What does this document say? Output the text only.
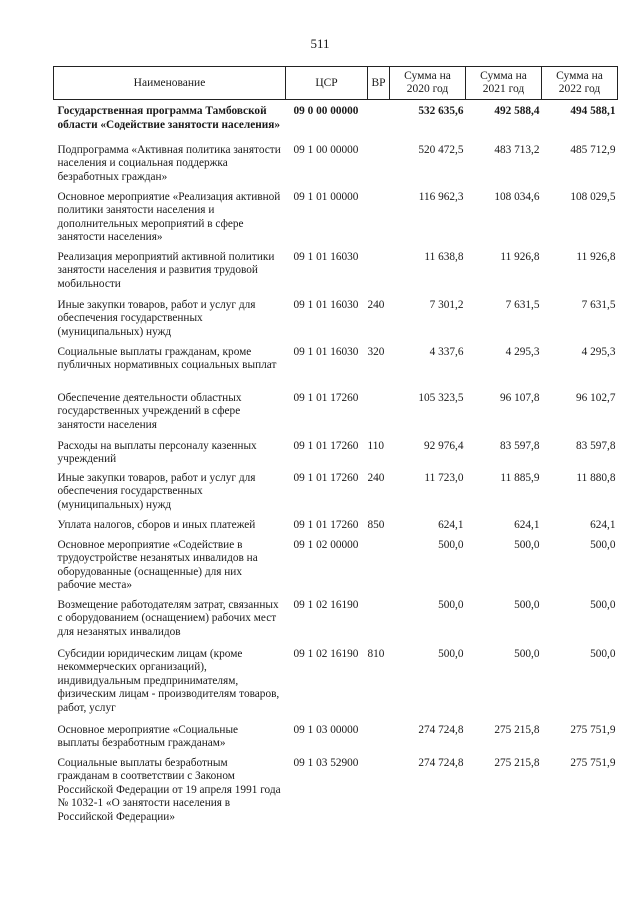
511
Наименование	ЦСР	ВР	Сумма на 2020 год	Сумма на 2021 год	Сумма на 2022 год
Государственная программа Тамбовской области «Содействие занятости населения»	09 0 00 00000		532 635,6	492 588,4	494 588,1
Подпрограмма «Активная политика занятости населения и социальная поддержка безработных граждан»	09 1 00 00000		520 472,5	483 713,2	485 712,9
Основное мероприятие «Реализация активной политики занятости населения и дополнительных мероприятий в сфере занятости населения»	09 1 01 00000		116 962,3	108 034,6	108 029,5
Реализация мероприятий активной политики занятости населения и развития трудовой мобильности	09 1 01 16030		11 638,8	11 926,8	11 926,8
Иные закупки товаров, работ и услуг для обеспечения государственных (муниципальных) нужд	09 1 01 16030	240	7 301,2	7 631,5	7 631,5
Социальные выплаты гражданам, кроме публичных нормативных социальных выплат	09 1 01 16030	320	4 337,6	4 295,3	4 295,3
Обеспечение деятельности областных государственных учреждений в сфере занятости населения	09 1 01 17260		105 323,5	96 107,8	96 102,7
Расходы на выплаты персоналу казенных учреждений	09 1 01 17260	110	92 976,4	83 597,8	83 597,8
Иные закупки товаров, работ и услуг для обеспечения государственных (муниципальных) нужд	09 1 01 17260	240	11 723,0	11 885,9	11 880,8
Уплата налогов, сборов и иных платежей	09 1 01 17260	850	624,1	624,1	624,1
Основное мероприятие «Содействие в трудоустройстве незанятых инвалидов на оборудованные (оснащенные) для них рабочие места»	09 1 02 00000		500,0	500,0	500,0
Возмещение работодателям затрат, связанных с оборудованием (оснащением) рабочих мест для незанятых инвалидов	09 1 02 16190		500,0	500,0	500,0
Субсидии юридическим лицам (кроме некоммерческих организаций), индивидуальным предпринимателям, физическим лицам - производителям товаров, работ, услуг	09 1 02 16190	810	500,0	500,0	500,0
Основное мероприятие «Социальные выплаты безработным гражданам»	09 1 03 00000		274 724,8	275 215,8	275 751,9
Социальные выплаты безработным гражданам в соответствии с Законом Российской Федерации от 19 апреля 1991 года № 1032-1 «О занятости населения в Российской Федерации»	09 1 03 52900		274 724,8	275 215,8	275 751,9
